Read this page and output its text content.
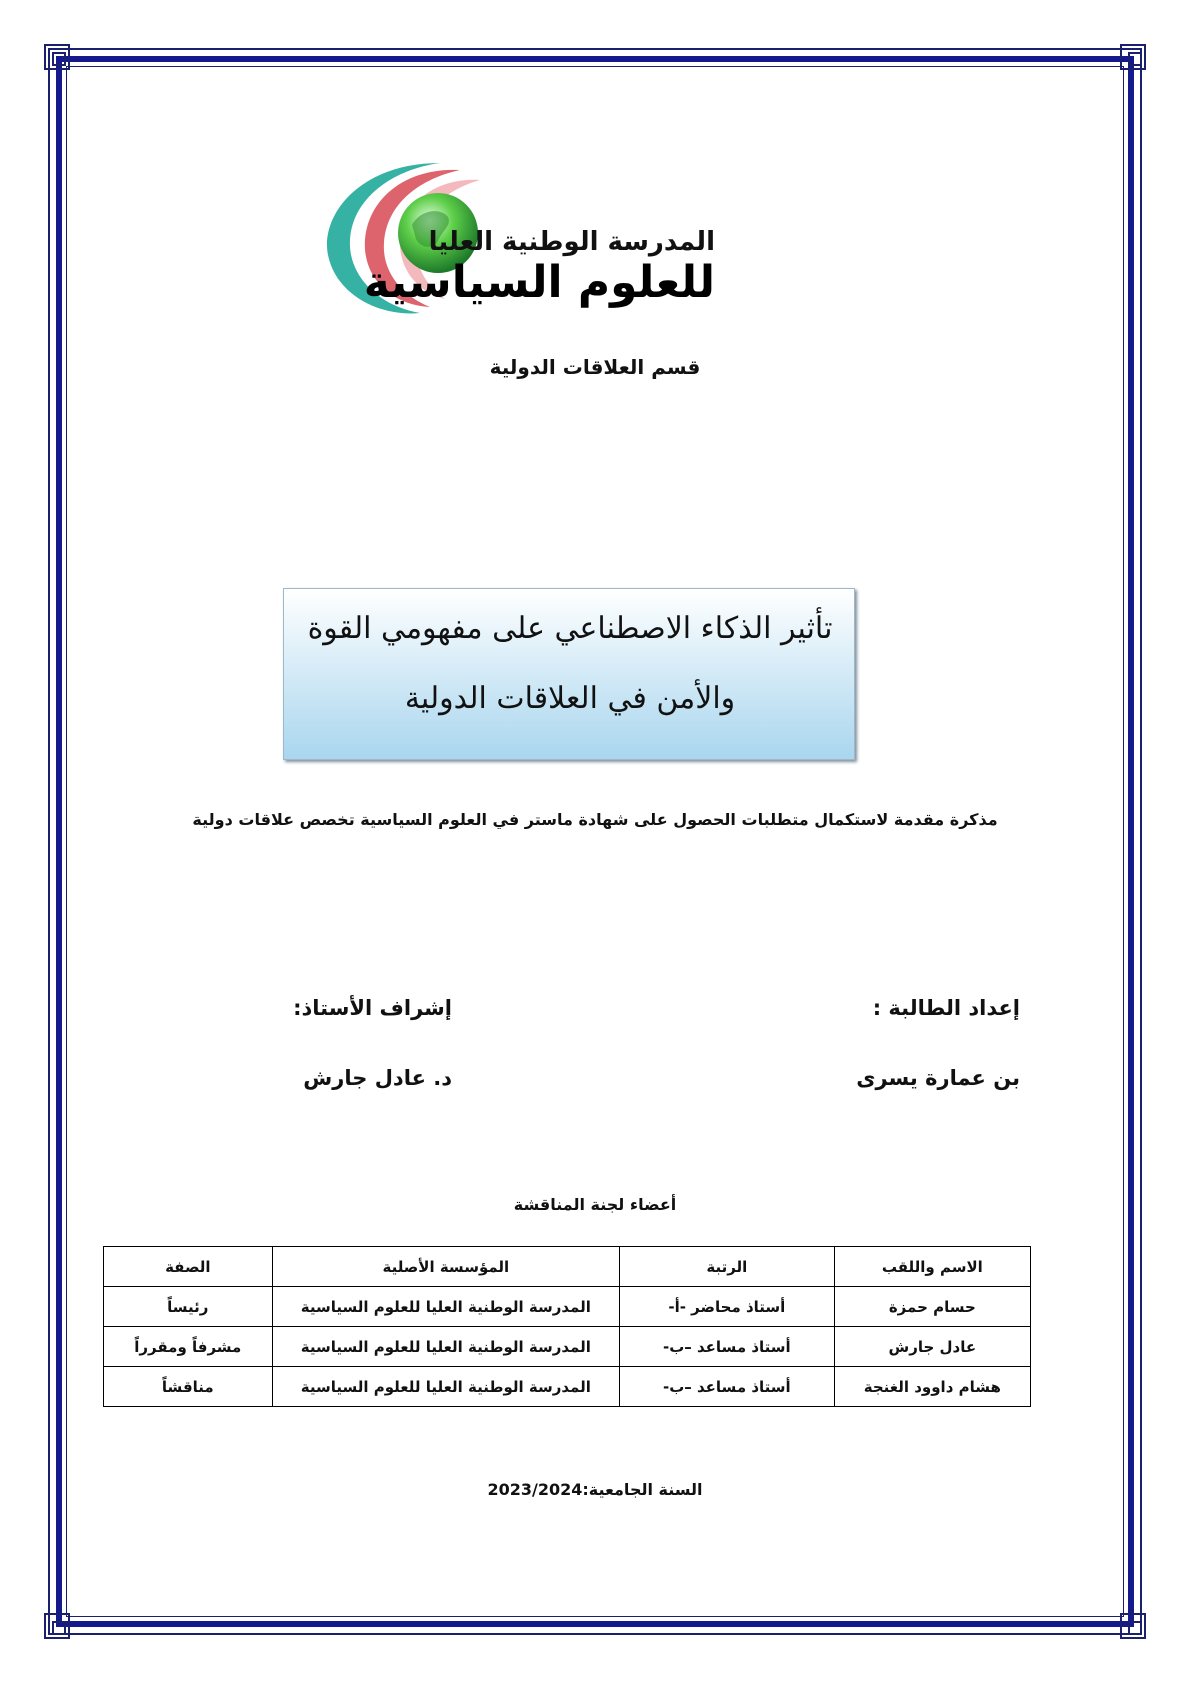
المدرسة الوطنية العليا
للعلوم السياسية
قسم العلاقات الدولية
تأثير الذكاء الاصطناعي على مفهومي القوة
والأمن في العلاقات الدولية
مذكرة مقدمة لاستكمال متطلبات الحصول على شهادة ماستر في العلوم السياسية تخصص علاقات دولية
إعداد الطالبة :
إشراف الأستاذ:
بن عمارة يسرى
د. عادل جارش
أعضاء لجنة المناقشة
الاسم واللقب	الرتبة	المؤسسة الأصلية	الصفة
حسام حمزة	أستاذ محاضر -أ-	المدرسة الوطنية العليا للعلوم السياسية	رئيساً
عادل جارش	أستاذ مساعد –ب-	المدرسة الوطنية العليا للعلوم السياسية	مشرفاً ومقرراً
هشام داوود الغنجة	أستاذ مساعد –ب-	المدرسة الوطنية العليا للعلوم السياسية	مناقشاً
السنة الجامعية:2023/2024
